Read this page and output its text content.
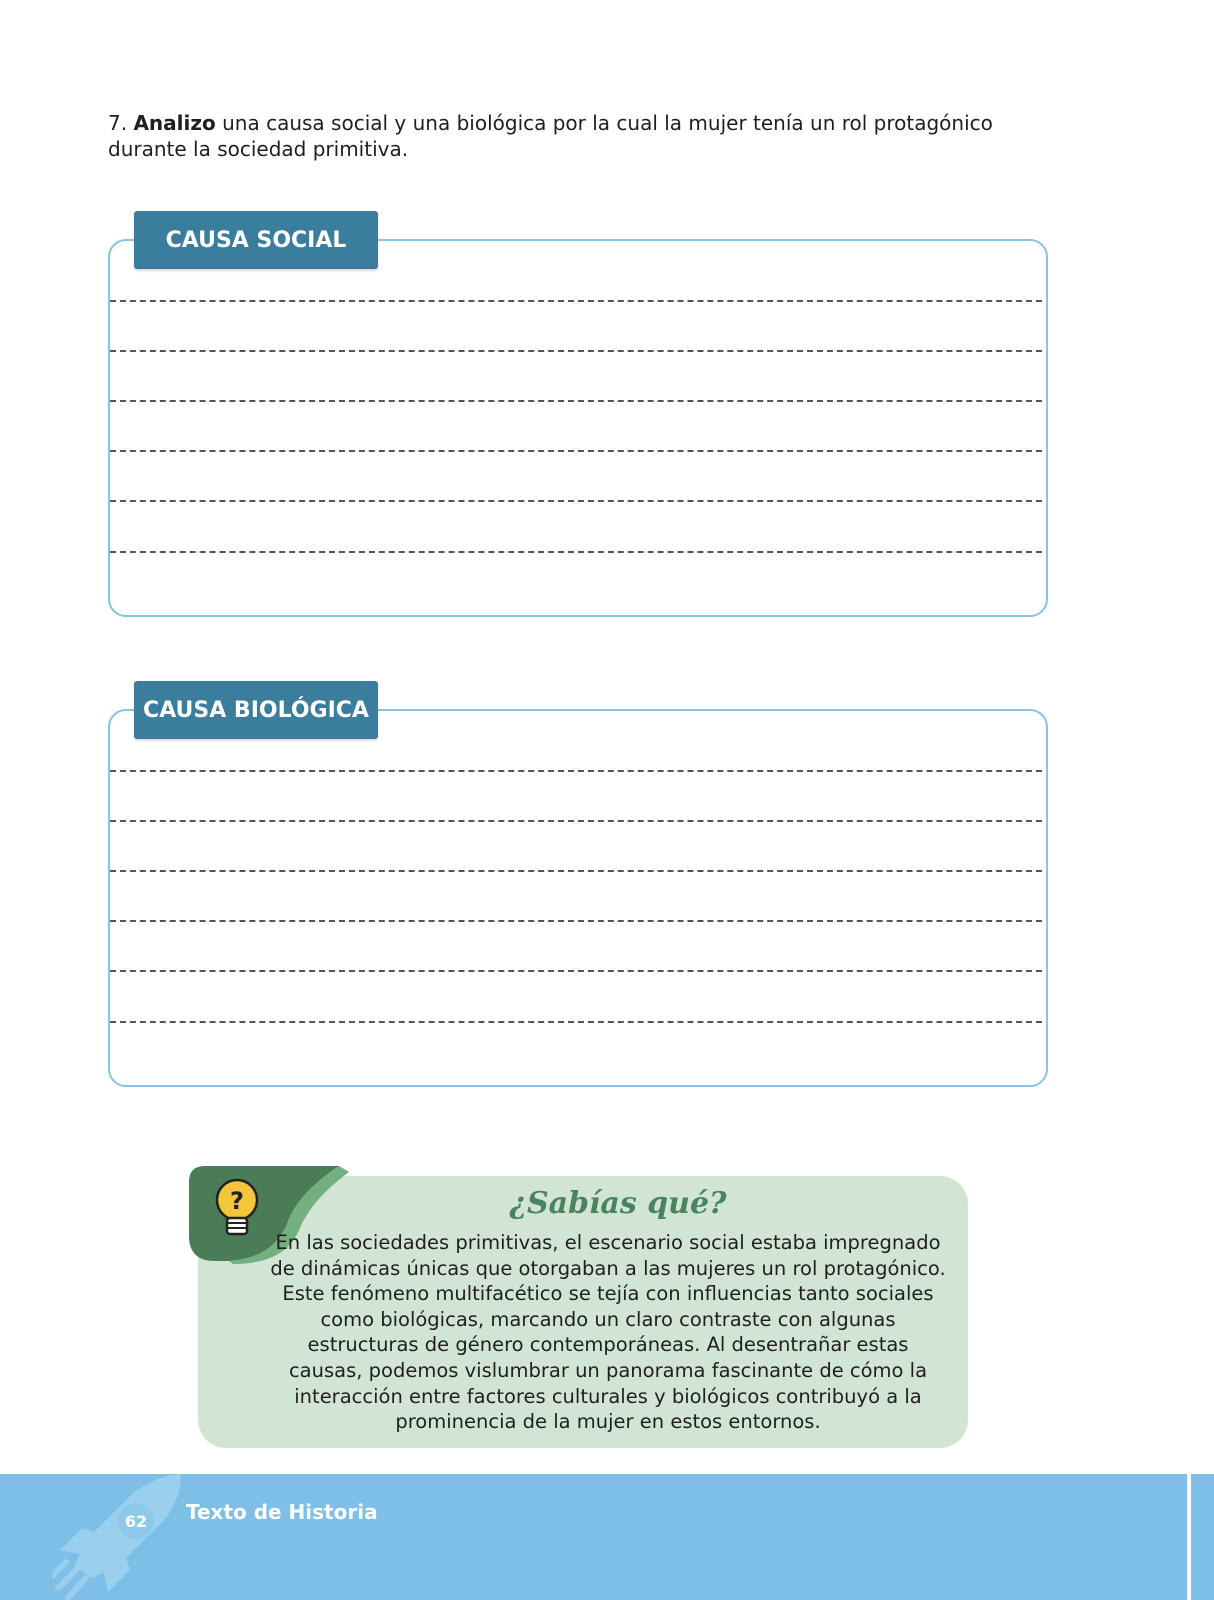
7. Analizo una causa social y una biológica por la cual la mujer tenía un rol protagónico durante la sociedad primitiva.

CAUSA SOCIAL
CAUSA BIOLÓGICA
?	¿Sabías qué?

En las sociedades primitivas, el escenario social estaba impregnado de dinámicas únicas que otorgaban a las mujeres un rol protagónico. Este fenómeno multifacético se tejía con influencias tanto sociales como biológicas, marcando un claro contraste con algunas estructuras de género contemporáneas. Al desentrañar estas causas, podemos vislumbrar un panorama fascinante de cómo la interacción entre factores culturales y biológicos contribuyó a la prominencia de la mujer en estos entornos.

62	Texto de Historia
